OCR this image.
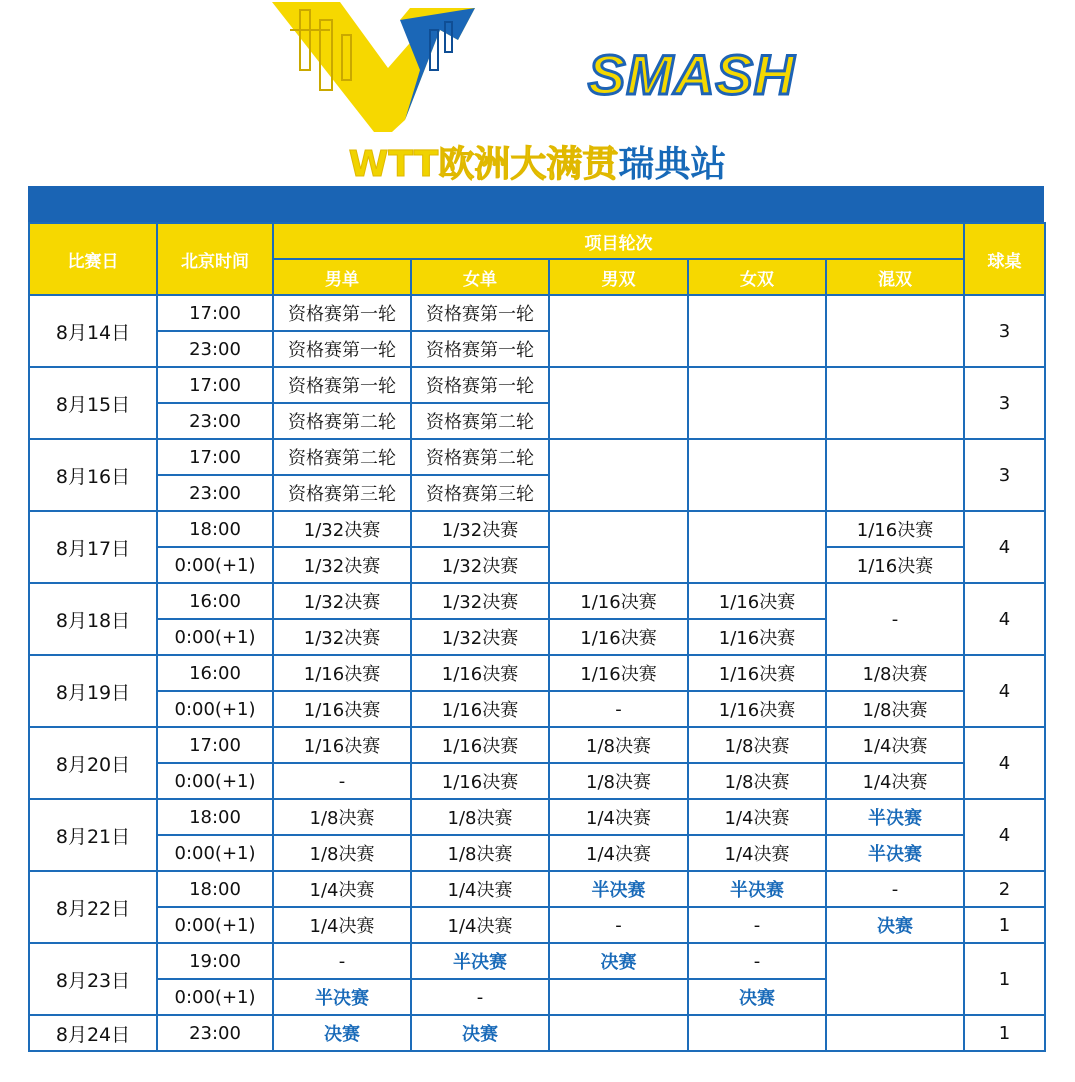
SMASH
WTT欧洲大满贯瑞典站
比赛日	北京时间	项目轮次					球桌
		男单	女单	男双	女双	混双	
8月14日	17:00	资格赛第一轮	资格赛第一轮				3
	23:00	资格赛第一轮	资格赛第一轮				
8月15日	17:00	资格赛第一轮	资格赛第一轮				3
	23:00	资格赛第二轮	资格赛第二轮				
8月16日	17:00	资格赛第二轮	资格赛第二轮				3
	23:00	资格赛第三轮	资格赛第三轮				
8月17日	18:00	1/32决赛	1/32决赛			1/16决赛	4
	0:00(+1)	1/32决赛	1/32决赛			1/16决赛	
8月18日	16:00	1/32决赛	1/32决赛	1/16决赛	1/16决赛	-	4
	0:00(+1)	1/32决赛	1/32决赛	1/16决赛	1/16决赛		
8月19日	16:00	1/16决赛	1/16决赛	1/16决赛	1/16决赛	1/8决赛	4
	0:00(+1)	1/16决赛	1/16决赛	-	1/16决赛	1/8决赛	
8月20日	17:00	1/16决赛	1/16决赛	1/8决赛	1/8决赛	1/4决赛	4
	0:00(+1)	-	1/16决赛	1/8决赛	1/8决赛	1/4决赛	
8月21日	18:00	1/8决赛	1/8决赛	1/4决赛	1/4决赛	半决赛	4
	0:00(+1)	1/8决赛	1/8决赛	1/4决赛	1/4决赛	半决赛	
8月22日	18:00	1/4决赛	1/4决赛	半决赛	半决赛	-	2
	0:00(+1)	1/4决赛	1/4决赛	-	-	决赛	1
8月23日	19:00	-	半决赛	决赛	-		1
	0:00(+1)	半决赛	-		决赛		
8月24日	23:00	决赛	决赛				1
